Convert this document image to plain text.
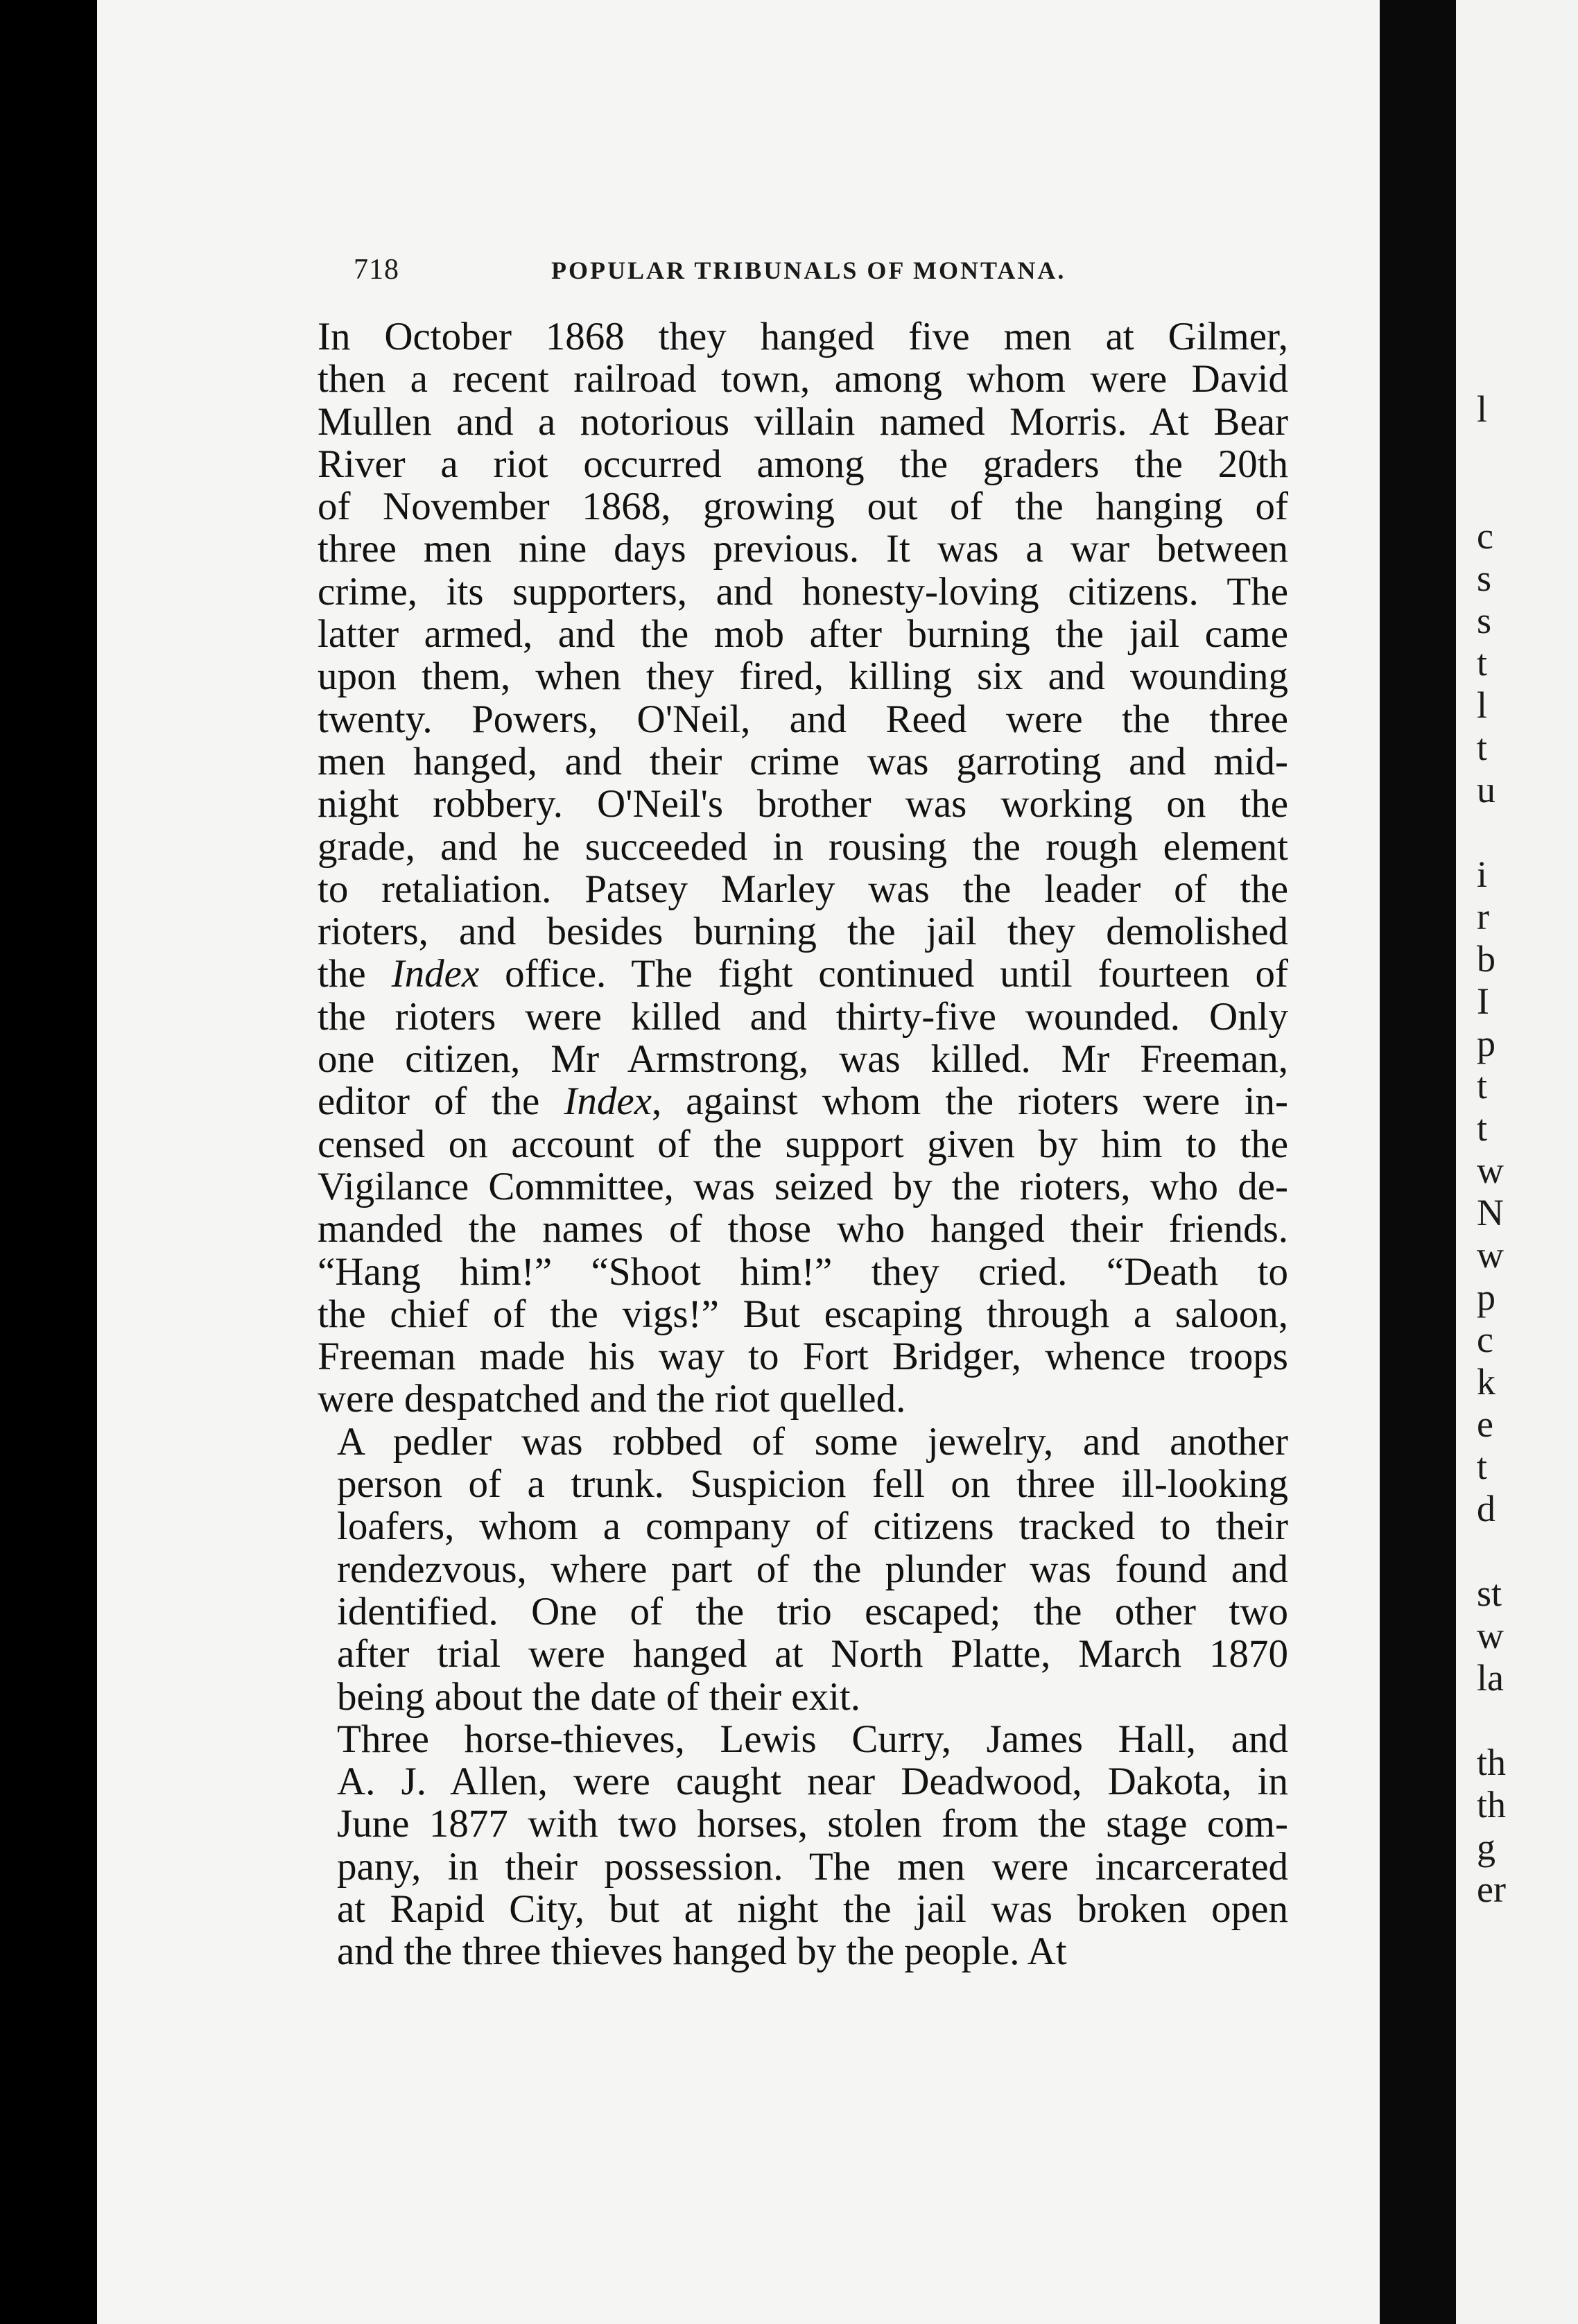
718	POPULAR TRIBUNALS OF MONTANA.

In October 1868 they hanged five men at Gilmer,
then a recent railroad town, among whom were David
Mullen and a notorious villain named Morris. At Bear
River a riot occurred among the graders the 20th
of November 1868, growing out of the hanging of
three men nine days previous. It was a war between
crime, its supporters, and honesty-loving citizens. The
latter armed, and the mob after burning the jail came
upon them, when they fired, killing six and wounding
twenty. Powers, O'Neil, and Reed were the three
men hanged, and their crime was garroting and mid-
night robbery. O'Neil's brother was working on the
grade, and he succeeded in rousing the rough element
to retaliation. Patsey Marley was the leader of the
rioters, and besides burning the jail they demolished
the Index office. The fight continued until fourteen of
the rioters were killed and thirty-five wounded. Only
one citizen, Mr Armstrong, was killed. Mr Freeman,
editor of the Index, against whom the rioters were in-
censed on account of the support given by him to the
Vigilance Committee, was seized by the rioters, who de-
manded the names of those who hanged their friends.
“Hang him!” “Shoot him!” they cried. “Death to
the chief of the vigs!” But escaping through a saloon,
Freeman made his way to Fort Bridger, whence troops
were despatched and the riot quelled.

A pedler was robbed of some jewelry, and another
person of a trunk. Suspicion fell on three ill-looking
loafers, whom a company of citizens tracked to their
rendezvous, where part of the plunder was found and
identified. One of the trio escaped; the other two
after trial were hanged at North Platte, March 1870
being about the date of their exit.

Three horse-thieves, Lewis Curry, James Hall, and
A. J. Allen, were caught near Deadwood, Dakota, in
June 1877 with two horses, stolen from the stage com-
pany, in their possession. The men were incarcerated
at Rapid City, but at night the jail was broken open
and the three thieves hanged by the people. At

l
c
s
s
t
l
t
u
i
r
b
I
p
t
t
w
N
w
p
c
k
e
t
d
st
w
la
th
th
g
er
